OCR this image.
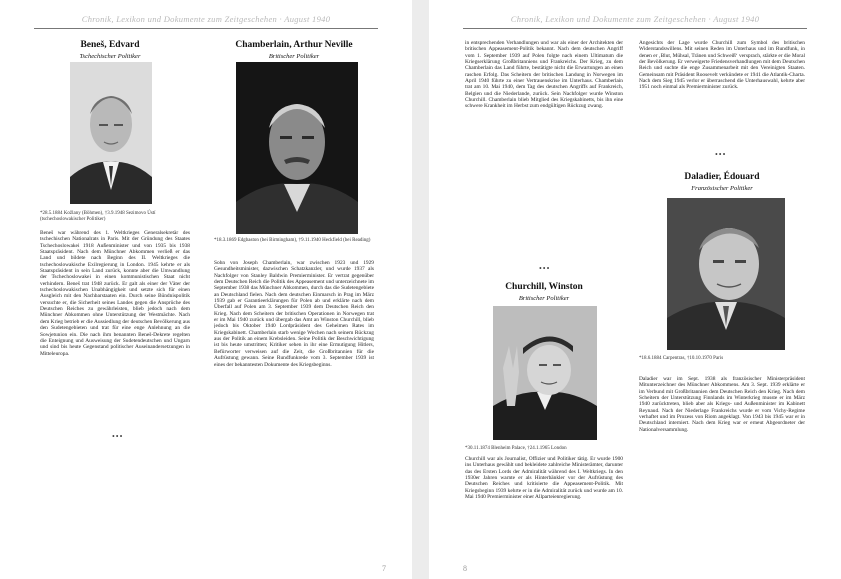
Chronik, Lexikon und Dokumente zum Zeitgeschehen · August 1940
Beneš, Edvard
Tschechischer Politiker
*28.5.1884 Kožlany (Böhmen), †3.9.1948 Sezimovo Ústí (tschechoslowakischer Politiker)

Beneš war während des 1. Weltkrieges Generalsekretär des tschechischen Nationalrats in Paris. Mit der Gründung des Staates Tschechoslowakei 1918 Außenminister und von 1935 bis 1938 Staatspräsident. Nach dem Münchner Abkommen verließ er das Land und bildete nach Beginn des II. Weltkrieges die tschechoslowakische Exilregierung in London. 1945 kehrte er als Staatspräsident in sein Land zurück, konnte aber die Umwandlung der Tschechoslowakei in einen kommunistischen Staat nicht verhindern. Beneš trat 1948 zurück. Er galt als einer der Väter der tschechoslowakischen Unabhängigkeit und setzte sich für einen Ausgleich mit den Nachbarstaaten ein. Durch seine Bündnispolitik versuchte er, die Sicherheit seines Landes gegen die Ansprüche des Deutschen Reiches zu gewährleisten, blieb jedoch nach dem Münchner Abkommen ohne Unterstützung der Westmächte. Nach dem Krieg betrieb er die Aussiedlung der deutschen Bevölkerung aus den Sudetengebieten und trat für eine enge Anlehnung an die Sowjetunion ein. Die nach ihm benannten Beneš-Dekrete regelten die Enteignung und Ausweisung der Sudetendeutschen und Ungarn und sind bis heute Gegenstand politischer Auseinandersetzungen in Mitteleuropa.

•••
Chamberlain, Arthur Neville
Britischer Politiker
*18.3.1869 Edgbaston (bei Birmingham), †9.11.1940 Heckfield (bei Reading)

Sohn von Joseph Chamberlain, war zwischen 1923 und 1929 Gesundheitsminister, dazwischen Schatzkanzler, und wurde 1937 als Nachfolger von Stanley Baldwin Premierminister. Er vertrat gegenüber dem Deutschen Reich die Politik des Appeasement und unterzeichnete im September 1938 das Münchner Abkommen, durch das die Sudetengebiete an Deutschland fielen. Nach dem deutschen Einmarsch in Prag im März 1939 gab er Garantieerklärungen für Polen ab und erklärte nach dem Überfall auf Polen am 3. September 1939 dem Deutschen Reich den Krieg. Nach dem Scheitern der britischen Operationen in Norwegen trat er im Mai 1940 zurück und übergab das Amt an Winston Churchill, blieb jedoch bis Oktober 1940 Lordpräsident des Geheimen Rates im Kriegskabinett. Chamberlain starb wenige Wochen nach seinem Rückzug aus der Politik an einem Krebsleiden. Seine Politik der Beschwichtigung ist bis heute umstritten; Kritiker sehen in ihr eine Ermutigung Hitlers, Befürworter verweisen auf die Zeit, die Großbritannien für die Aufrüstung gewann. Seine Rundfunkrede vom 3. September 1939 ist eines der bekanntesten Dokumente des Kriegsbeginns.

7
Chronik, Lexikon und Dokumente zum Zeitgeschehen · August 1940

in entsprechenden Verhandlungen und war als einer der Architekten der britischen Appeasement-Politik bekannt. Nach dem deutschen Angriff vom 1. September 1939 auf Polen folgte nach einem Ultimatum die Kriegserklärung Großbritanniens und Frankreichs. Der Krieg, zu dem Chamberlain das Land führte, bestätigte nicht die Erwartungen an einen raschen Erfolg. Das Scheitern der britischen Landung in Norwegen im April 1940 führte zu einer Vertrauenskrise im Unterhaus. Chamberlain trat am 10. Mai 1940, dem Tag des deutschen Angriffs auf Frankreich, Belgien und die Niederlande, zurück. Sein Nachfolger wurde Winston Churchill. Chamberlain blieb Mitglied des Kriegskabinetts, bis ihn eine schwere Krankheit im Herbst zum endgültigen Rückzug zwang.

•••
Churchill, Winston
Britischer Politiker
*30.11.1874 Blenheim Palace, †24.1.1965 London

Churchill war als Journalist, Offizier und Politiker tätig. Er wurde 1900 ins Unterhaus gewählt und bekleidete zahlreiche Ministerämter, darunter das des Ersten Lords der Admiralität während des I. Weltkriegs. In den 1930er Jahren warnte er als Hinterbänkler vor der Aufrüstung des Deutschen Reiches und kritisierte die Appeasement-Politik. Mit Kriegsbeginn 1939 kehrte er in die Admiralität zurück und wurde am 10. Mai 1940 Premierminister einer Allparteienregierung.

Angesichts der Lage wurde Churchill zum Symbol des britischen Widerstandswillens. Mit seinen Reden im Unterhaus und im Rundfunk, in denen er ‚Blut, Mühsal, Tränen und Schweiß‘ versprach, stärkte er die Moral der Bevölkerung. Er verweigerte Friedensverhandlungen mit dem Deutschen Reich und suchte die enge Zusammenarbeit mit den Vereinigten Staaten. Gemeinsam mit Präsident Roosevelt verkündete er 1941 die Atlantik-Charta. Nach dem Sieg 1945 verlor er überraschend die Unterhauswahl, kehrte aber 1951 noch einmal als Premierminister zurück.

•••
Daladier, Édouard
Französischer Politiker
*18.6.1884 Carpentras, †10.10.1970 Paris

Daladier war im Sept. 1938 als französischer Ministerpräsident Mitunterzeichner des Münchner Abkommens. Am 3. Sept. 1939 erklärte er im Verbund mit Großbritannien dem Deutschen Reich den Krieg. Nach dem Scheitern der Unterstützung Finnlands im Winterkrieg musste er im März 1940 zurücktreten, blieb aber als Kriegs- und Außenminister im Kabinett Reynaud. Nach der Niederlage Frankreichs wurde er vom Vichy-Regime verhaftet und im Prozess von Riom angeklagt. Von 1943 bis 1945 war er in Deutschland interniert. Nach dem Krieg war er erneut Abgeordneter der Nationalversammlung.

8
